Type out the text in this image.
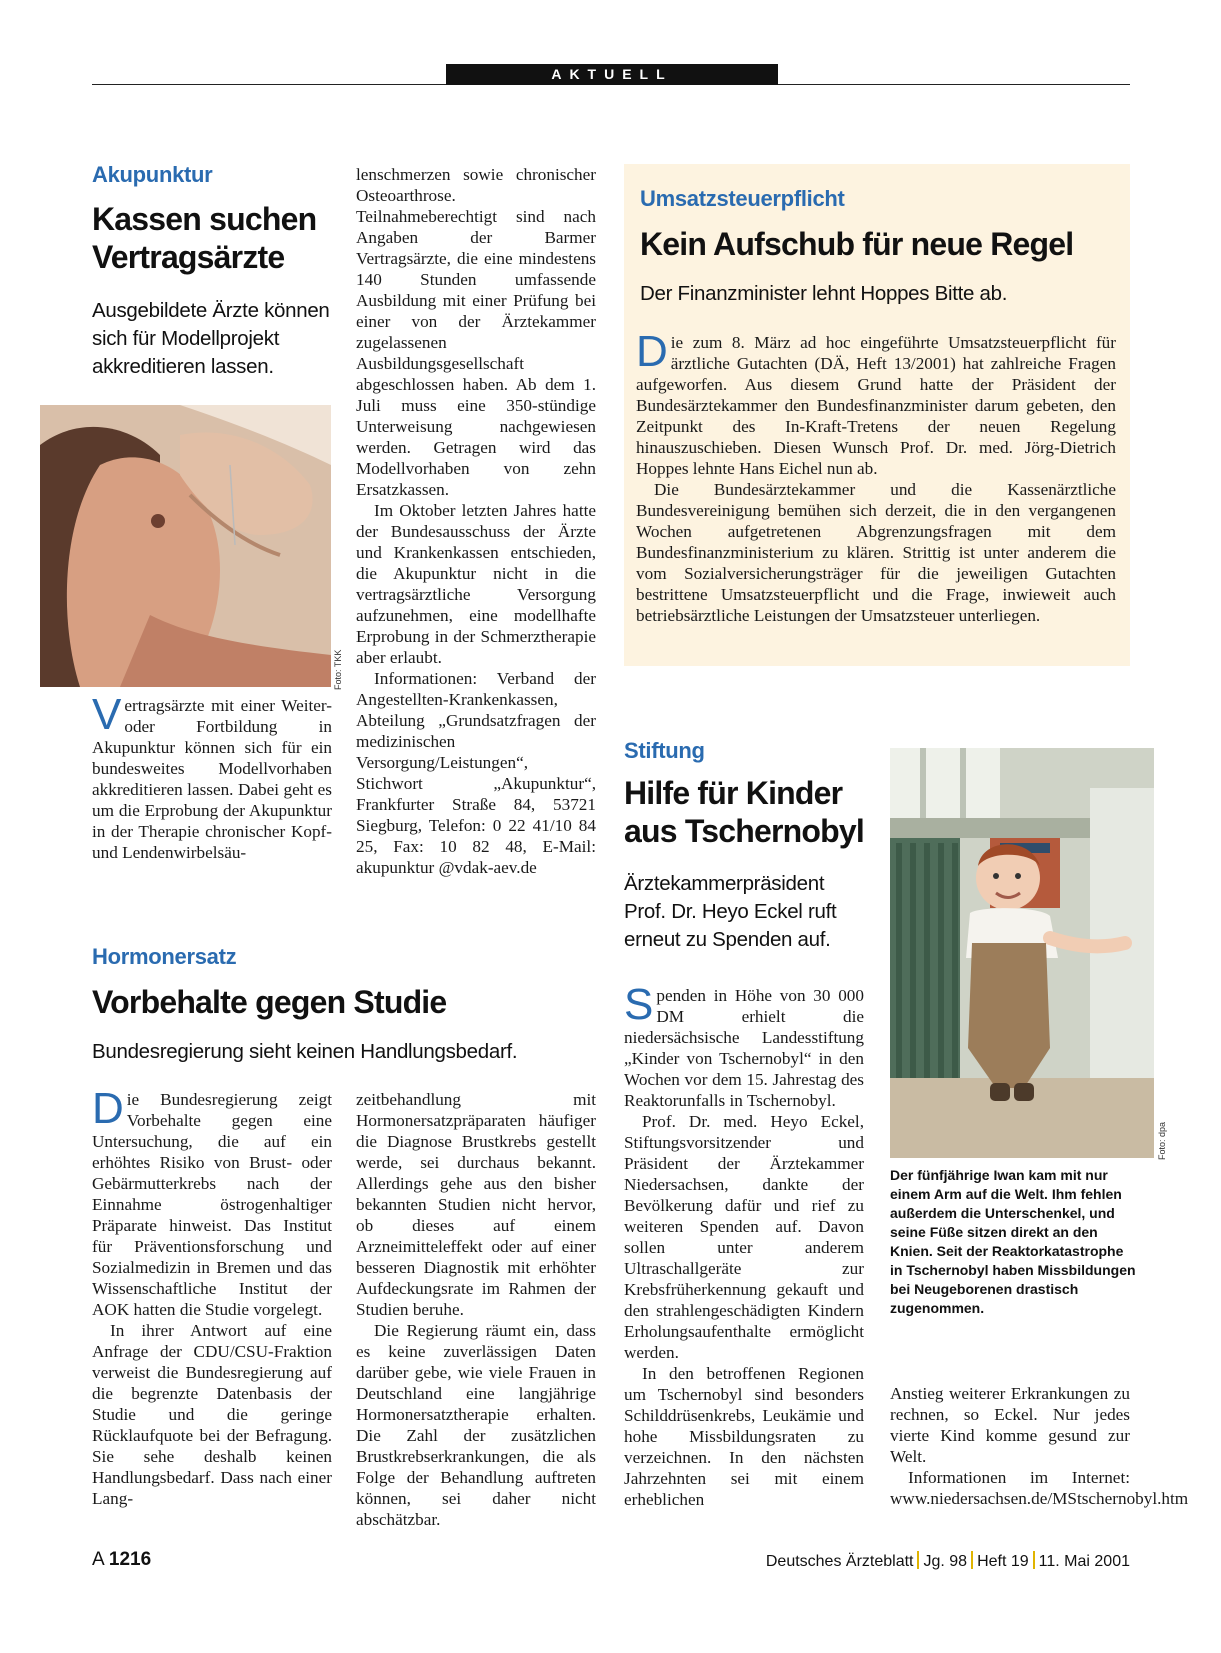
AKTUELL
Akupunktur
Kassen suchen Vertragsärzte
Ausgebildete Ärzte können sich für Modellprojekt akkreditieren lassen.
Foto: TKK

Vertragsärzte mit einer Weiter- oder Fortbildung in Akupunktur können sich für ein bundesweites Modellvorhaben akkreditieren lassen. Dabei geht es um die Erprobung der Akupunktur in der Therapie chronischer Kopf- und Lendenwirbelsäu-

lenschmerzen sowie chronischer Osteoarthrose. Teilnahmeberechtigt sind nach Angaben der Barmer Vertragsärzte, die eine mindestens 140 Stunden umfassende Ausbildung mit einer Prüfung bei einer von der Ärztekammer zugelassenen Ausbildungsgesellschaft abgeschlossen haben. Ab dem 1. Juli muss eine 350-stündige Unterweisung nachgewiesen werden. Getragen wird das Modellvorhaben von zehn Ersatzkassen.

Im Oktober letzten Jahres hatte der Bundesausschuss der Ärzte und Krankenkassen entschieden, die Akupunktur nicht in die vertragsärztliche Versorgung aufzunehmen, eine modellhafte Erprobung in der Schmerztherapie aber erlaubt.

Informationen: Verband der Angestellten-Krankenkassen, Abteilung „Grundsatzfragen der medizinischen Versorgung/Leistungen“, Stichwort „Akupunktur“, Frankfurter Straße 84, 53721 Siegburg, Telefon: 0 22 41/10 84 25, Fax: 10 82 48, E-Mail: akupunktur @vdak-aev.de

Umsatzsteuerpflicht
Kein Aufschub für neue Regel
Der Finanzminister lehnt Hoppes Bitte ab.

Die zum 8. März ad hoc eingeführte Umsatzsteuerpflicht für ärztliche Gutachten (DÄ, Heft 13/2001) hat zahlreiche Fragen aufgeworfen. Aus diesem Grund hatte der Präsident der Bundesärztekammer den Bundesfinanzminister darum gebeten, den Zeitpunkt des In-Kraft-Tretens der neuen Regelung hinauszuschieben. Diesen Wunsch Prof. Dr. med. Jörg-Dietrich Hoppes lehnte Hans Eichel nun ab.

Die Bundesärztekammer und die Kassenärztliche Bundesvereinigung bemühen sich derzeit, die in den vergangenen Wochen aufgetretenen Abgrenzungsfragen mit dem Bundesfinanzministerium zu klären. Strittig ist unter anderem die vom Sozialversicherungsträger für die jeweiligen Gutachten bestrittene Umsatzsteuerpflicht und die Frage, inwieweit auch betriebsärztliche Leistungen der Umsatzsteuer unterliegen.

Stiftung
Hilfe für Kinder aus Tschernobyl
Ärztekammerpräsident Prof. Dr. Heyo Eckel ruft erneut zu Spenden auf.

Spenden in Höhe von 30 000 DM erhielt die niedersächsische Landesstiftung „Kinder von Tschernobyl“ in den Wochen vor dem 15. Jahrestag des Reaktorunfalls in Tschernobyl.

Prof. Dr. med. Heyo Eckel, Stiftungsvorsitzender und Präsident der Ärztekammer Niedersachsen, dankte der Bevölkerung dafür und rief zu weiteren Spenden auf. Davon sollen unter anderem Ultraschallgeräte zur Krebsfrüherkennung gekauft und den strahlengeschädigten Kindern Erholungsaufenthalte ermöglicht werden.

In den betroffenen Regionen um Tschernobyl sind besonders Schilddrüsenkrebs, Leukämie und hohe Missbildungsraten zu verzeichnen. In den nächsten Jahrzehnten sei mit einem erheblichen

Foto: dpa
Der fünfjährige Iwan kam mit nur einem Arm auf die Welt. Ihm fehlen außerdem die Unterschenkel, und seine Füße sitzen direkt an den Knien. Seit der Reaktorkatastrophe in Tschernobyl haben Missbildungen bei Neugeborenen drastisch zugenommen.

Anstieg weiterer Erkrankungen zu rechnen, so Eckel. Nur jedes vierte Kind komme gesund zur Welt.

Informationen im Internet: www.niedersachsen.de/MStschernobyl.htm

Hormonersatz
Vorbehalte gegen Studie
Bundesregierung sieht keinen Handlungsbedarf.

Die Bundesregierung zeigt Vorbehalte gegen eine Untersuchung, die auf ein erhöhtes Risiko von Brust- oder Gebärmutterkrebs nach der Einnahme östrogenhaltiger Präparate hinweist. Das Institut für Präventionsforschung und Sozialmedizin in Bremen und das Wissenschaftliche Institut der AOK hatten die Studie vorgelegt.

In ihrer Antwort auf eine Anfrage der CDU/CSU-Fraktion verweist die Bundesregierung auf die begrenzte Datenbasis der Studie und die geringe Rücklaufquote bei der Befragung. Sie sehe deshalb keinen Handlungsbedarf. Dass nach einer Lang-

zeitbehandlung mit Hormonersatzpräparaten häufiger die Diagnose Brustkrebs gestellt werde, sei durchaus bekannt. Allerdings gehe aus den bisher bekannten Studien nicht hervor, ob dieses auf einem Arzneimitteleffekt oder auf einer besseren Diagnostik mit erhöhter Aufdeckungsrate im Rahmen der Studien beruhe.

Die Regierung räumt ein, dass es keine zuverlässigen Daten darüber gebe, wie viele Frauen in Deutschland eine langjährige Hormonersatztherapie erhalten. Die Zahl der zusätzlichen Brustkrebserkrankungen, die als Folge der Behandlung auftreten können, sei daher nicht abschätzbar.

A 1216	Deutsches Ärzteblatt Jg. 98 Heft 19 11. Mai 2001
